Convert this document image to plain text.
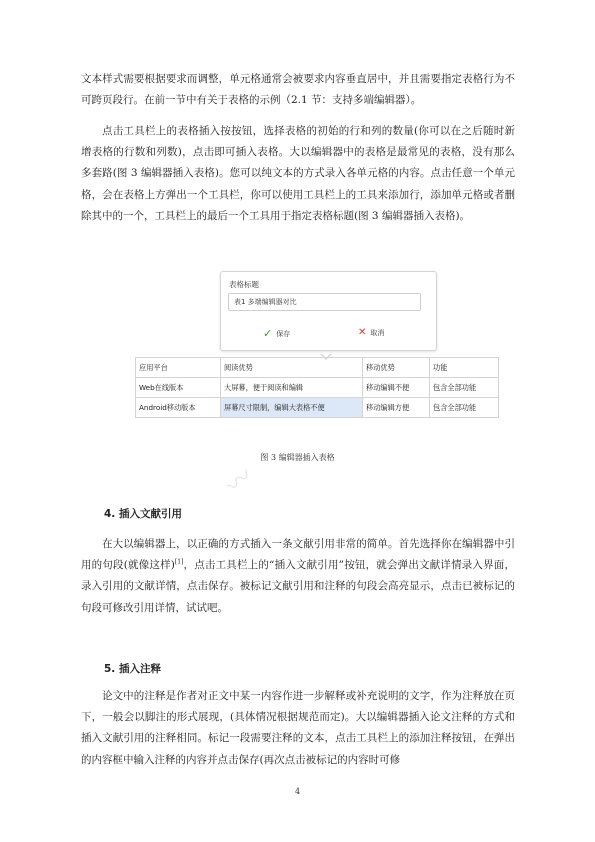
文本样式需要根据要求而调整，单元格通常会被要求内容垂直居中，并且需要指定表格行为不可跨页段行。在前一节中有关于表格的示例（2.1 节：支持多端编辑器）。

点击工具栏上的表格插入按按钮，选择表格的初始的行和列的数量(你可以在之后随时新增表格的行数和列数)，点击即可插入表格。大以编辑器中的表格是最常见的表格，没有那么多套路(图 3 编辑器插入表格)。您可以纯文本的方式录入各单元格的内容。点击任意一个单元格，会在表格上方弹出一个工具栏，你可以使用工具栏上的工具来添加行，添加单元格或者删除其中的一个，工具栏上的最后一个工具用于指定表格标题(图 3 编辑器插入表格)。

表格标题
表1 多端编辑器对比
✓ 保存	✕ 取消
应用平台	阅读优势	移动优势	功能
Web在线版本	大屏幕，便于阅读和编辑	移动编辑不便	包含全部功能
Android移动版本	屏幕尺寸限制，编辑大表格不便	移动编辑方便	包含全部功能
图 3 编辑器插入表格
〰

4. 插入文献引用

在大以编辑器上，以正确的方式插入一条文献引用非常的简单。首先选择你在编辑器中引用的句段(就像这样)[1]，点击工具栏上的“插入文献引用”按钮，就会弹出文献详情录入界面，录入引用的文献详情，点击保存。被标记文献引用和注释的句段会高亮显示，点击已被标记的句段可修改引用详情，试试吧。

5. 插入注释

论文中的注释是作者对正文中某一内容作进一步解释或补充说明的文字，作为注释放在页下，一般会以脚注的形式展现，(具体情况根据规范而定)。大以编辑器插入论文注释的方式和插入文献引用的注释相同。标记一段需要注释的文本，点击工具栏上的添加注释按钮，在弹出的内容框中输入注释的内容并点击保存(再次点击被标记的内容时可修

4
